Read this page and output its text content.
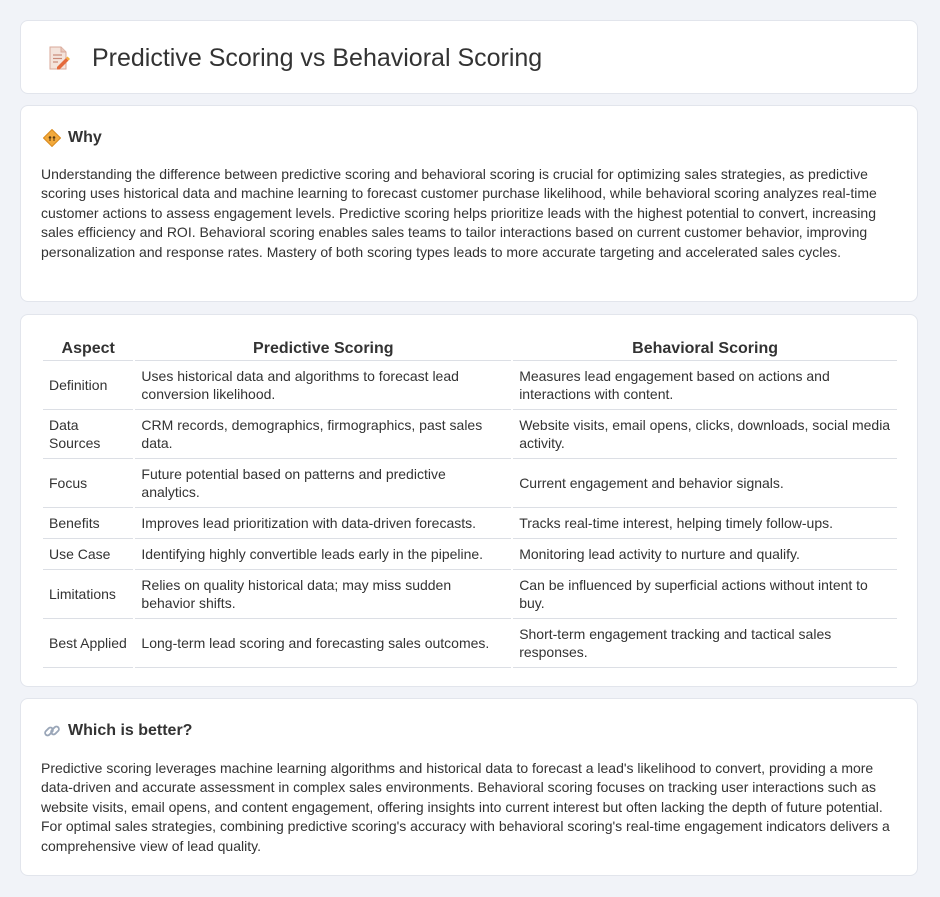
Predictive Scoring vs Behavioral Scoring
Why

Understanding the difference between predictive scoring and behavioral scoring is crucial for optimizing sales strategies, as predictive scoring uses historical data and machine learning to forecast customer purchase likelihood, while behavioral scoring analyzes real-time customer actions to assess engagement levels. Predictive scoring helps prioritize leads with the highest potential to convert, increasing sales efficiency and ROI. Behavioral scoring enables sales teams to tailor interactions based on current customer behavior, improving personalization and response rates. Mastery of both scoring types leads to more accurate targeting and accelerated sales cycles.

Aspect	Predictive Scoring	Behavioral Scoring
Definition	Uses historical data and algorithms to forecast lead conversion likelihood.	Measures lead engagement based on actions and interactions with content.
Data Sources	CRM records, demographics, firmographics, past sales data.	Website visits, email opens, clicks, downloads, social media activity.
Focus	Future potential based on patterns and predictive analytics.	Current engagement and behavior signals.
Benefits	Improves lead prioritization with data-driven forecasts.	Tracks real-time interest, helping timely follow-ups.
Use Case	Identifying highly convertible leads early in the pipeline.	Monitoring lead activity to nurture and qualify.
Limitations	Relies on quality historical data; may miss sudden behavior shifts.	Can be influenced by superficial actions without intent to buy.
Best Applied	Long-term lead scoring and forecasting sales outcomes.	Short-term engagement tracking and tactical sales responses.
Which is better?

Predictive scoring leverages machine learning algorithms and historical data to forecast a lead's likelihood to convert, providing a more data-driven and accurate assessment in complex sales environments. Behavioral scoring focuses on tracking user interactions such as website visits, email opens, and content engagement, offering insights into current interest but often lacking the depth of future potential. For optimal sales strategies, combining predictive scoring's accuracy with behavioral scoring's real-time engagement indicators delivers a comprehensive view of lead quality.
